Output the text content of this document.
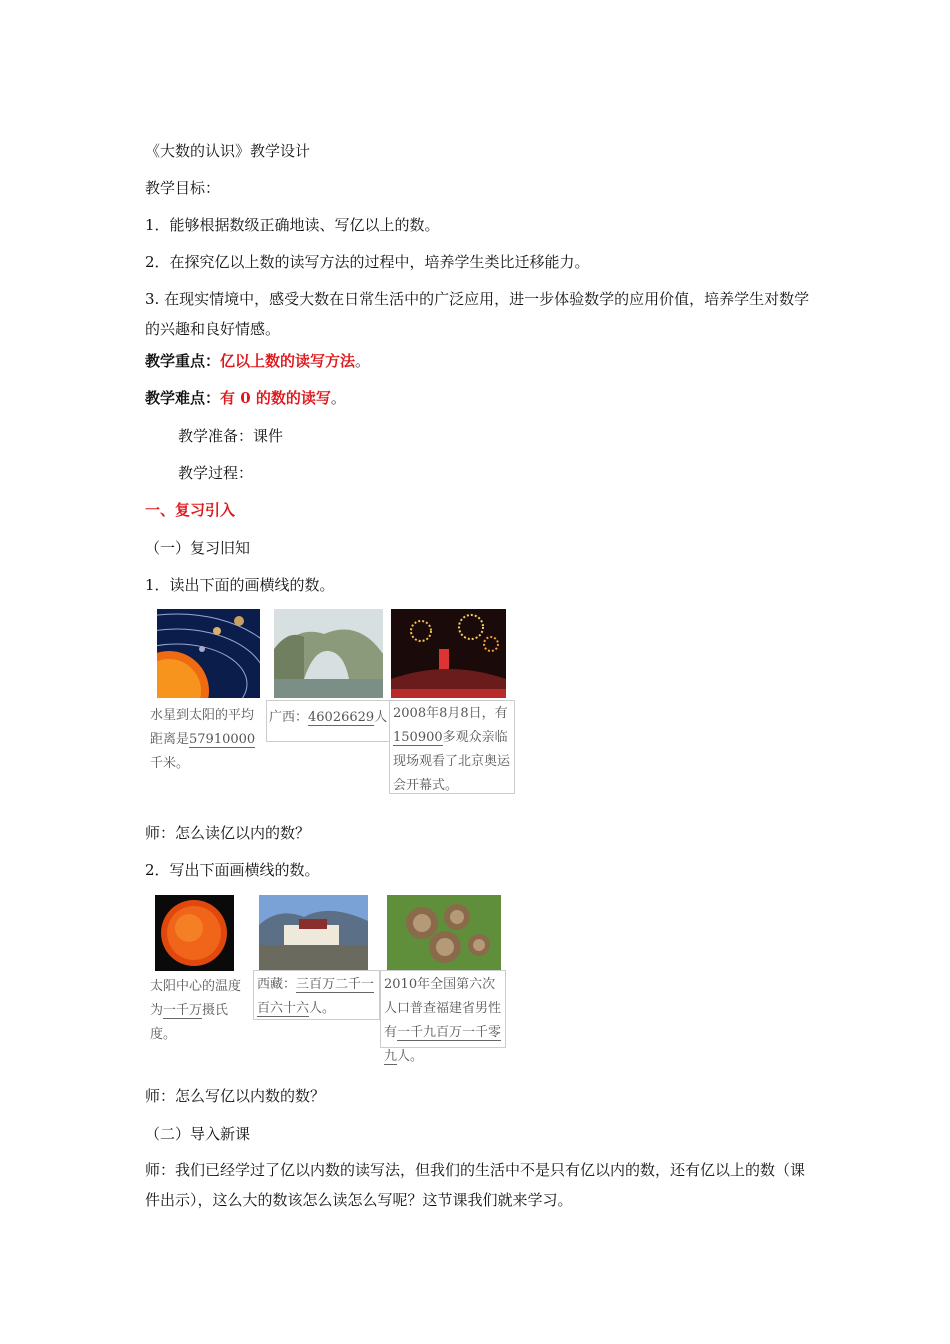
《大数的认识》教学设计
教学目标：
1．能够根据数级正确地读、写亿以上的数。
2．在探究亿以上数的读写方法的过程中，培养学生类比迁移能力。
3. 在现实情境中，感受大数在日常生活中的广泛应用，进一步体验数学的应用价值，培养学生对数学的兴趣和良好情感。
教学重点：亿以上数的读写方法。
教学难点：有 0 的数的读写。
教学准备：课件
教学过程：
一、复习引入
（一）复习旧知
1．读出下面的画横线的数。
水星到太阳的平均距离是57910000千米。
广西：46026629人 2008年8月8日，有150900多观众亲临现场观看了北京奥运会开幕式。
师：怎么读亿以内的数？
2．写出下面画横线的数。
太阳中心的温度为一千万摄氏度。
西藏：三百万二千一百六十六人。
2010年全国第六次人口普查福建省男性有一千九百万一千零九人。
师：怎么写亿以内数的数？
（二）导入新课
师：我们已经学过了亿以内数的读写法，但我们的生活中不是只有亿以内的数，还有亿以上的数（课件出示），这么大的数该怎么读怎么写呢？这节课我们就来学习。
